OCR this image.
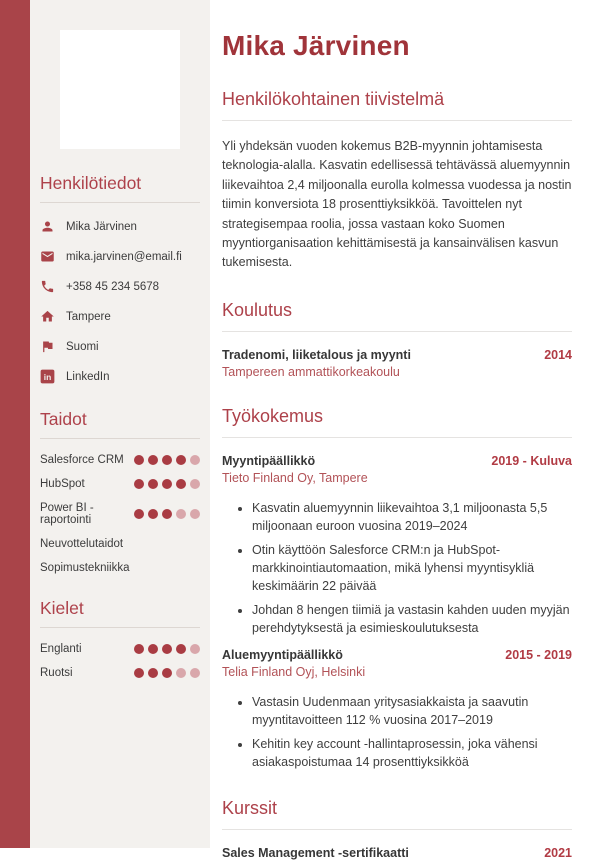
Henkilötiedot
Mika Järvinen
mika.jarvinen@email.fi
+358 45 234 5678
Tampere
Suomi
in LinkedIn
Taidot
Salesforce CRM
HubSpot
Power BI -raportointi
Neuvottelutaidot
Sopimustekniikka
Kielet
Englanti
Ruotsi
Mika Järvinen
Henkilökohtainen tiivistelmä

Yli yhdeksän vuoden kokemus B2B-myynnin johtamisesta teknologia-alalla. Kasvatin edellisessä tehtävässä aluemyynnin liikevaihtoa 2,4 miljoonalla eurolla kolmessa vuodessa ja nostin tiimin konversiota 18 prosenttiyksikköä. Tavoittelen nyt strategisempaa roolia, jossa vastaan koko Suomen myyntiorganisaation kehittämisestä ja kansainvälisen kasvun tukemisesta.

Koulutus
Tradenomi, liiketalous ja myynti	2014
Tampereen ammattikorkeakoulu
Työkokemus
Myyntipäällikkö	2019 - Kuluva
Tieto Finland Oy, Tampere
• Kasvatin aluemyynnin liikevaihtoa 3,1 miljoonasta 5,5 miljoonaan euroon vuosina 2019–2024
• Otin käyttöön Salesforce CRM:n ja HubSpot-markkinointiautomaation, mikä lyhensi myyntisykliä keskimäärin 22 päivää
• Johdan 8 hengen tiimiä ja vastasin kahden uuden myyjän perehdytyksestä ja esimieskoulutuksesta
Aluemyyntipäällikkö	2015 - 2019
Telia Finland Oyj, Helsinki
• Vastasin Uudenmaan yritysasiakkaista ja saavutin myyntitavoitteen 112 % vuosina 2017–2019
• Kehitin key account -hallintaprosessin, joka vähensi asiakaspoistumaa 14 prosenttiyksikköä
Kurssit
Sales Management -sertifikaatti	2021
